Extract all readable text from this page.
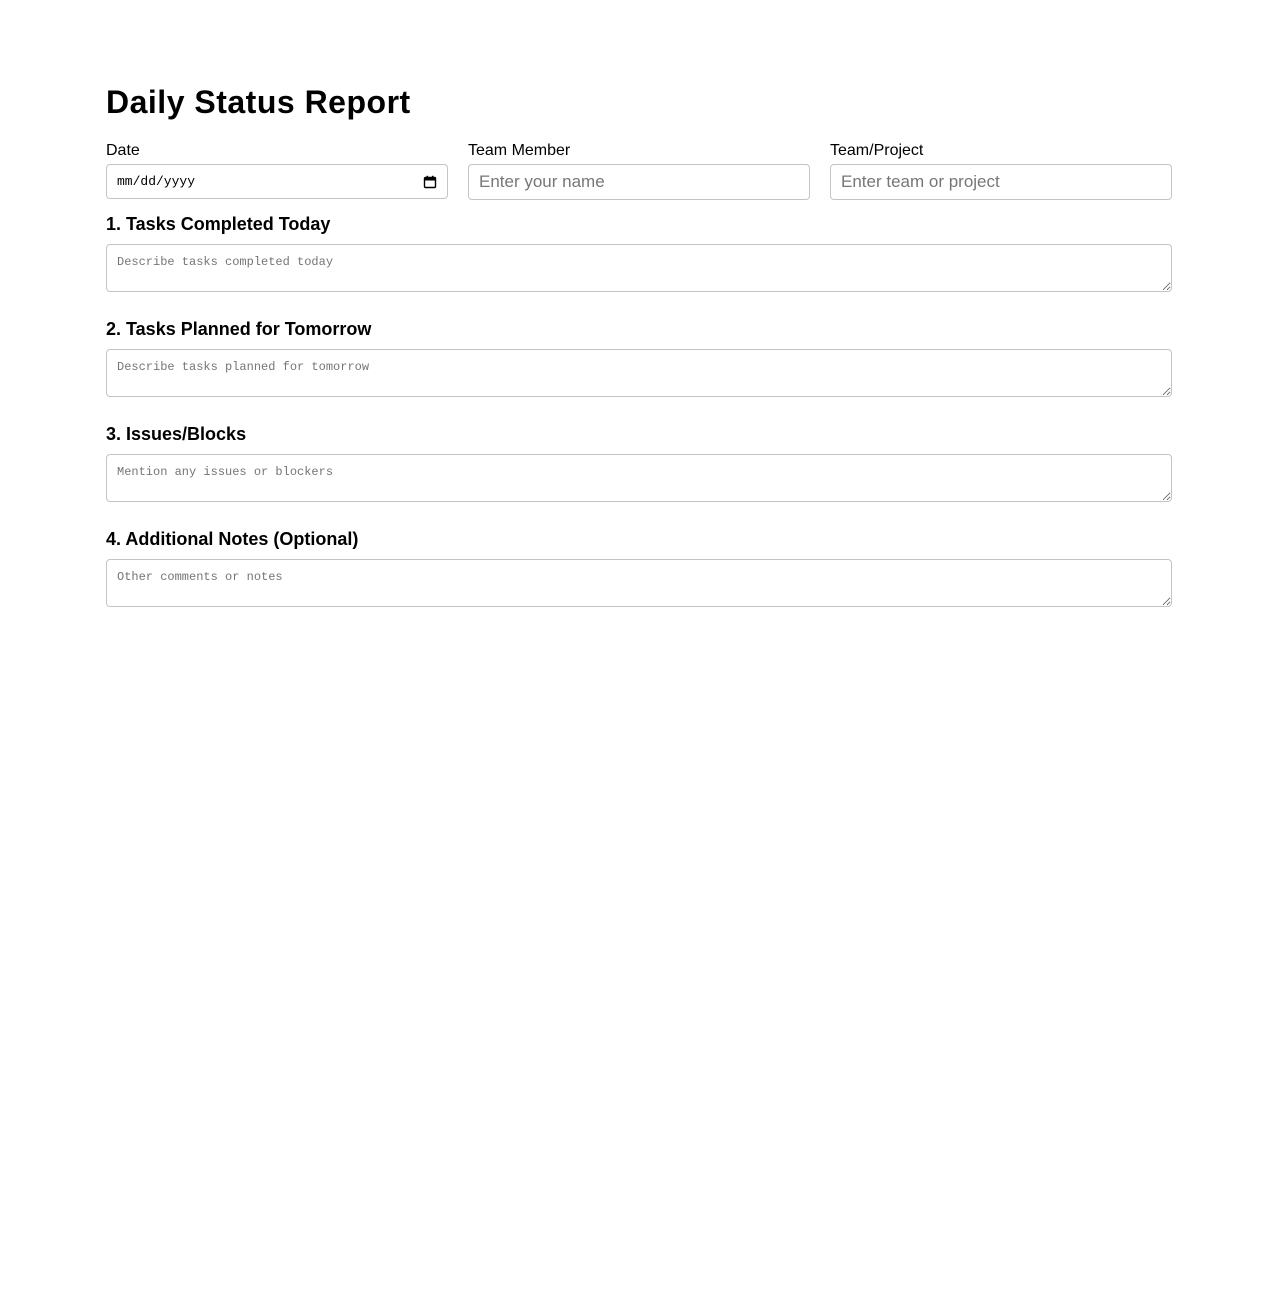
Daily Status Report
Date
mm/dd/yyyy
Team Member
Enter your name	Team/Project
Enter team or project
1. Tasks Completed Today
Describe tasks completed today
2. Tasks Planned for Tomorrow
Describe tasks planned for tomorrow
3. Issues/Blocks
Mention any issues or blockers
4. Additional Notes (Optional)
Other comments or notes
